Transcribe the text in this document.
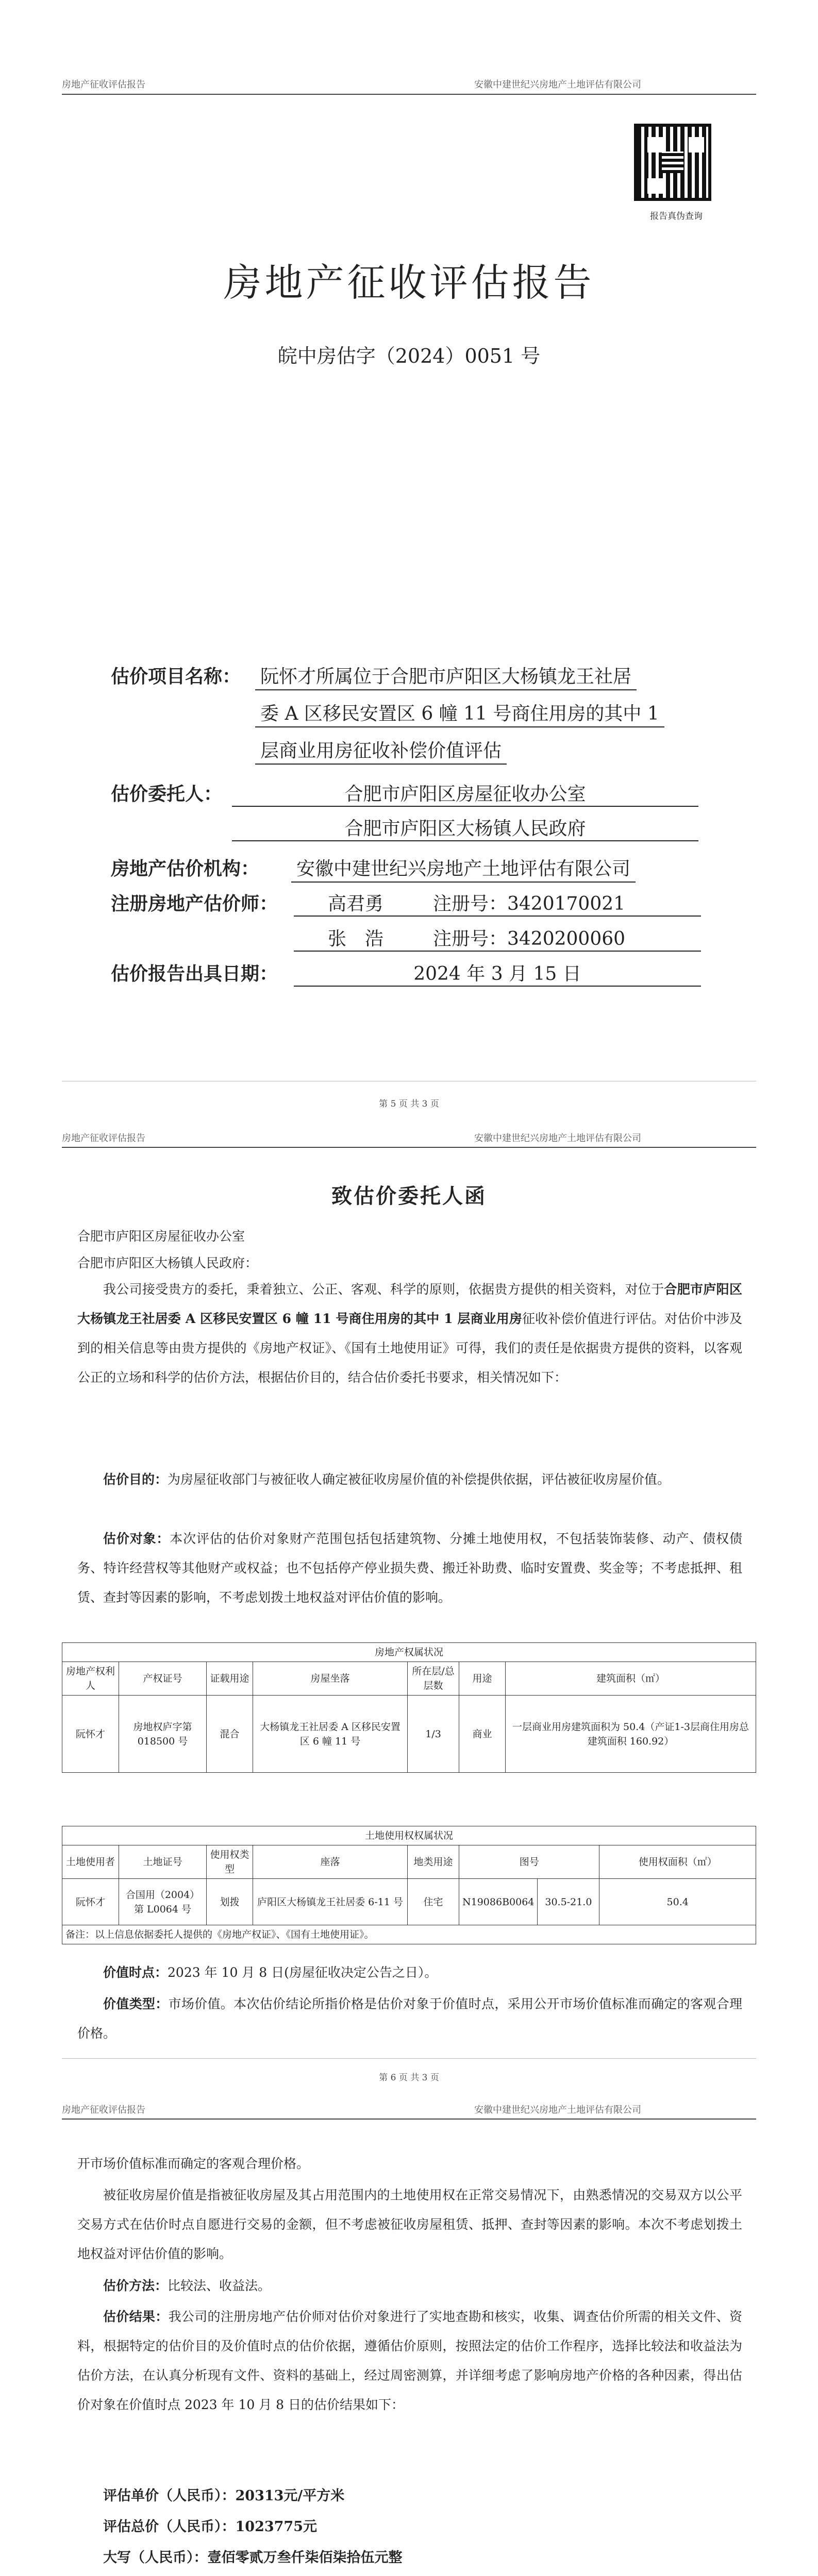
房地产征收评估报告	安徽中建世纪兴房地产土地评估有限公司
报告真伪查询
房地产征收评估报告
皖中房估字（2024）0051 号
估价项目名称： 阮怀才所属位于合肥市庐阳区大杨镇龙王社居
委 A 区移民安置区 6 幢 11 号商住用房的其中 1
层商业用房征收补偿价值评估
估价委托人：	合肥市庐阳区房屋征收办公室
合肥市庐阳区大杨镇人民政府
房地产估价机构： 安徽中建世纪兴房地产土地评估有限公司
注册房地产估价师：	高君勇	注册号：3420170021
张　浩	注册号：3420200060
估价报告出具日期：	2024 年 3 月 15 日
第 5 页 共 3 页
房地产征收评估报告	安徽中建世纪兴房地产土地评估有限公司
致估价委托人函
合肥市庐阳区房屋征收办公室
合肥市庐阳区大杨镇人民政府：
我公司接受贵方的委托，秉着独立、公正、客观、科学的原则，依据贵方提供的相关资料，对位于合肥市庐阳区大杨镇龙王社居委 A 区移民安置区 6 幢 11 号商住用房的其中 1 层商业用房征收补偿价值进行评估。对估价中涉及到的相关信息等由贵方提供的《房地产权证》、《国有土地使用证》可得，我们的责任是依据贵方提供的资料，以客观公正的立场和科学的估价方法，根据估价目的，结合估价委托书要求，相关情况如下：
估价目的：为房屋征收部门与被征收人确定被征收房屋价值的补偿提供依据，评估被征收房屋价值。
估价对象：本次评估的估价对象财产范围包括包括建筑物、分摊土地使用权，不包括装饰装修、动产、债权债务、特许经营权等其他财产或权益；也不包括停产停业损失费、搬迁补助费、临时安置费、奖金等；不考虑抵押、租赁、查封等因素的影响，不考虑划拨土地权益对评估价值的影响。
房地产权属状况						
房地产权利人	产权证号	证载用途	房屋坐落	所在层/总层数	用途	建筑面积（㎡）
阮怀才	房地权庐字第018500 号	混合	大杨镇龙王社居委 A 区移民安置区 6 幢 11 号	1/3	商业	一层商业用房建筑面积为 50.4（产证1-3层商住用房总建筑面积 160.92）
土地使用权权属状况							
土地使用者	土地证号	使用权类型	座落	地类用途	图号		使用权面积（㎡）
阮怀才	合国用（2004）第 L0064 号	划拨	庐阳区大杨镇龙王社居委 6-11 号	住宅	N19086B0064	30.5-21.0	50.4
备注：以上信息依据委托人提供的《房地产权证》、《国有土地使用证》。							
价值时点：2023 年 10 月 8 日(房屋征收决定公告之日）。
价值类型：市场价值。本次估价结论所指价格是估价对象于价值时点，采用公开市场价值标准而确定的客观合理价格。
第 6 页 共 3 页
房地产征收评估报告	安徽中建世纪兴房地产土地评估有限公司
开市场价值标准而确定的客观合理价格。
被征收房屋价值是指被征收房屋及其占用范围内的土地使用权在正常交易情况下，由熟悉情况的交易双方以公平交易方式在估价时点自愿进行交易的金额，但不考虑被征收房屋租赁、抵押、查封等因素的影响。本次不考虑划拨土地权益对评估价值的影响。
估价方法：比较法、收益法。
估价结果：我公司的注册房地产估价师对估价对象进行了实地查勘和核实，收集、调查估价所需的相关文件、资料，根据特定的估价目的及价值时点的估价依据，遵循估价原则，按照法定的估价工作程序，选择比较法和收益法为估价方法，在认真分析现有文件、资料的基础上，经过周密测算，并详细考虑了影响房地产价格的各种因素，得出估价对象在价值时点 2023 年 10 月 8 日的估价结果如下：
评估单价（人民币）：20313元/平方米
评估总价（人民币）：1023775元
大写（人民币）：壹佰零贰万叁仟柒佰柒拾伍元整
